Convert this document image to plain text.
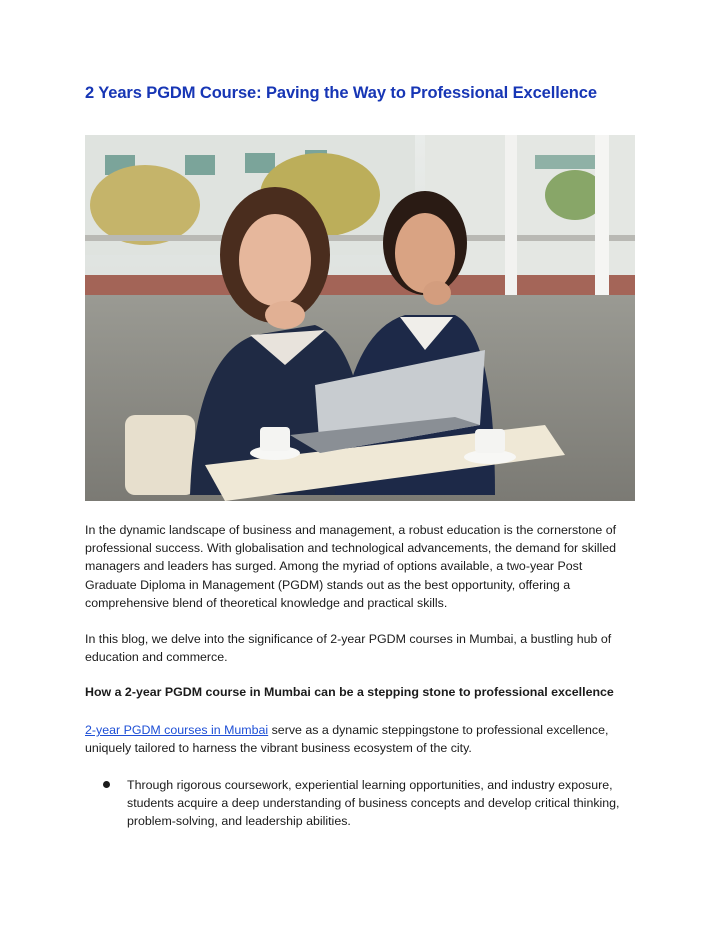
2 Years PGDM Course: Paving the Way to Professional Excellence

In the dynamic landscape of business and management, a robust education is the cornerstone of professional success. With globalisation and technological advancements, the demand for skilled managers and leaders has surged. Among the myriad of options available, a two-year Post Graduate Diploma in Management (PGDM) stands out as the best opportunity, offering a comprehensive blend of theoretical knowledge and practical skills.

In this blog, we delve into the significance of 2-year PGDM courses in Mumbai, a bustling hub of education and commerce.

How a 2-year PGDM course in Mumbai can be a stepping stone to professional excellence

2-year PGDM courses in Mumbai serve as a dynamic steppingstone to professional excellence, uniquely tailored to harness the vibrant business ecosystem of the city.

Through rigorous coursework, experiential learning opportunities, and industry exposure, students acquire a deep understanding of business concepts and develop critical thinking, problem-solving, and leadership abilities.
